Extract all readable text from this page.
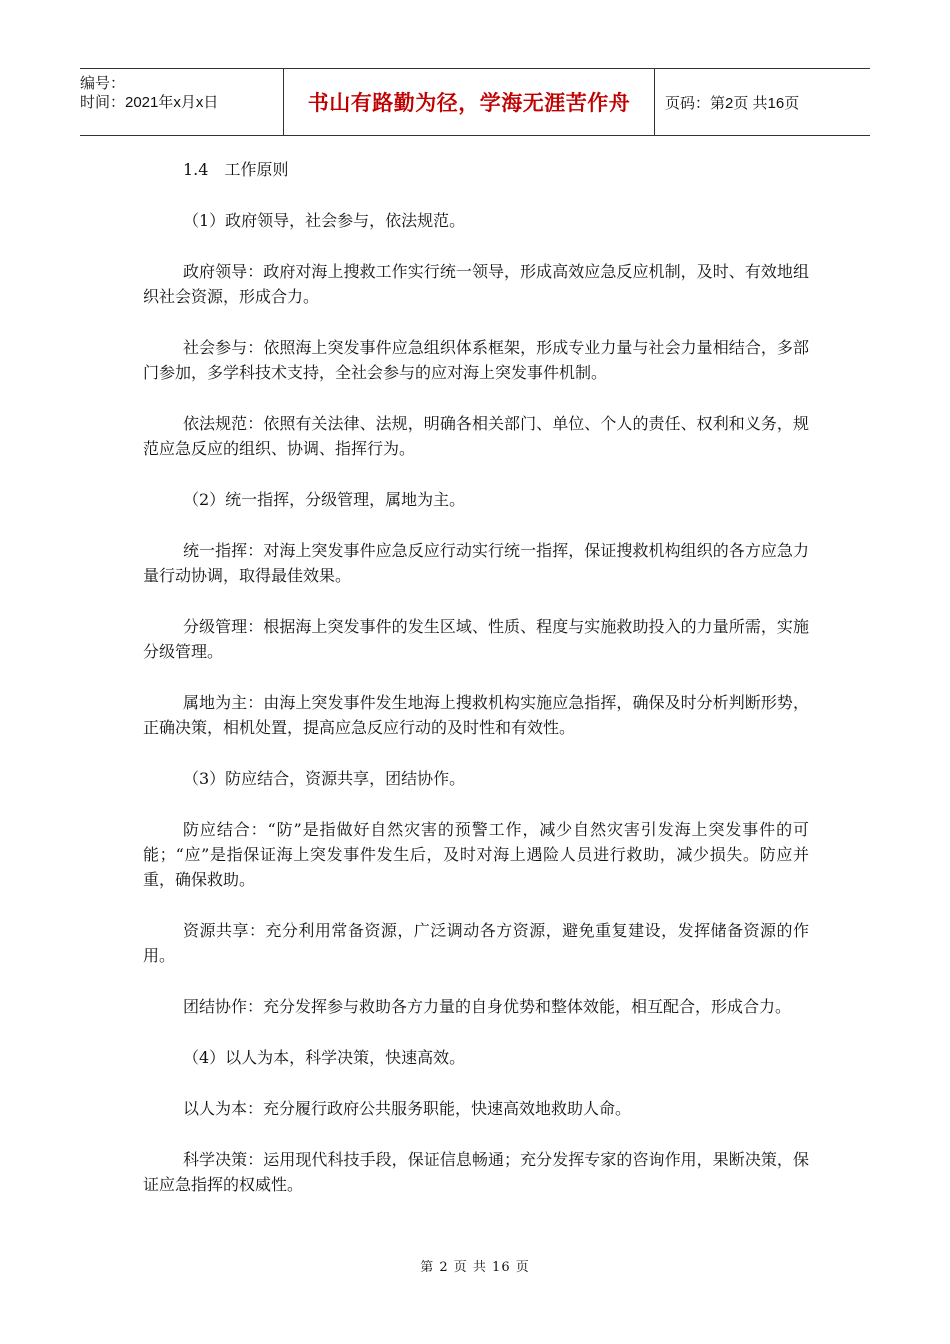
编号：
时间：2021年x月x日	书山有路勤为径，学海无涯苦作舟 页码：第2页 共16页

1.4　工作原则

（1）政府领导，社会参与，依法规范。

政府领导：政府对海上搜救工作实行统一领导，形成高效应急反应机制，及时、有效地组织社会资源，形成合力。

社会参与：依照海上突发事件应急组织体系框架，形成专业力量与社会力量相结合，多部门参加，多学科技术支持，全社会参与的应对海上突发事件机制。

依法规范：依照有关法律、法规，明确各相关部门、单位、个人的责任、权利和义务，规范应急反应的组织、协调、指挥行为。

（2）统一指挥，分级管理，属地为主。

统一指挥：对海上突发事件应急反应行动实行统一指挥，保证搜救机构组织的各方应急力量行动协调，取得最佳效果。

分级管理：根据海上突发事件的发生区域、性质、程度与实施救助投入的力量所需，实施分级管理。

属地为主：由海上突发事件发生地海上搜救机构实施应急指挥，确保及时分析判断形势，正确决策，相机处置，提高应急反应行动的及时性和有效性。

（3）防应结合，资源共享，团结协作。

防应结合：“防”是指做好自然灾害的预警工作，减少自然灾害引发海上突发事件的可能；“应”是指保证海上突发事件发生后，及时对海上遇险人员进行救助，减少损失。防应并重，确保救助。

资源共享：充分利用常备资源，广泛调动各方资源，避免重复建设，发挥储备资源的作用。

团结协作：充分发挥参与救助各方力量的自身优势和整体效能，相互配合，形成合力。

（4）以人为本，科学决策，快速高效。

以人为本：充分履行政府公共服务职能，快速高效地救助人命。

科学决策：运用现代科技手段，保证信息畅通；充分发挥专家的咨询作用，果断决策，保证应急指挥的权威性。

第 2 页 共 16 页
